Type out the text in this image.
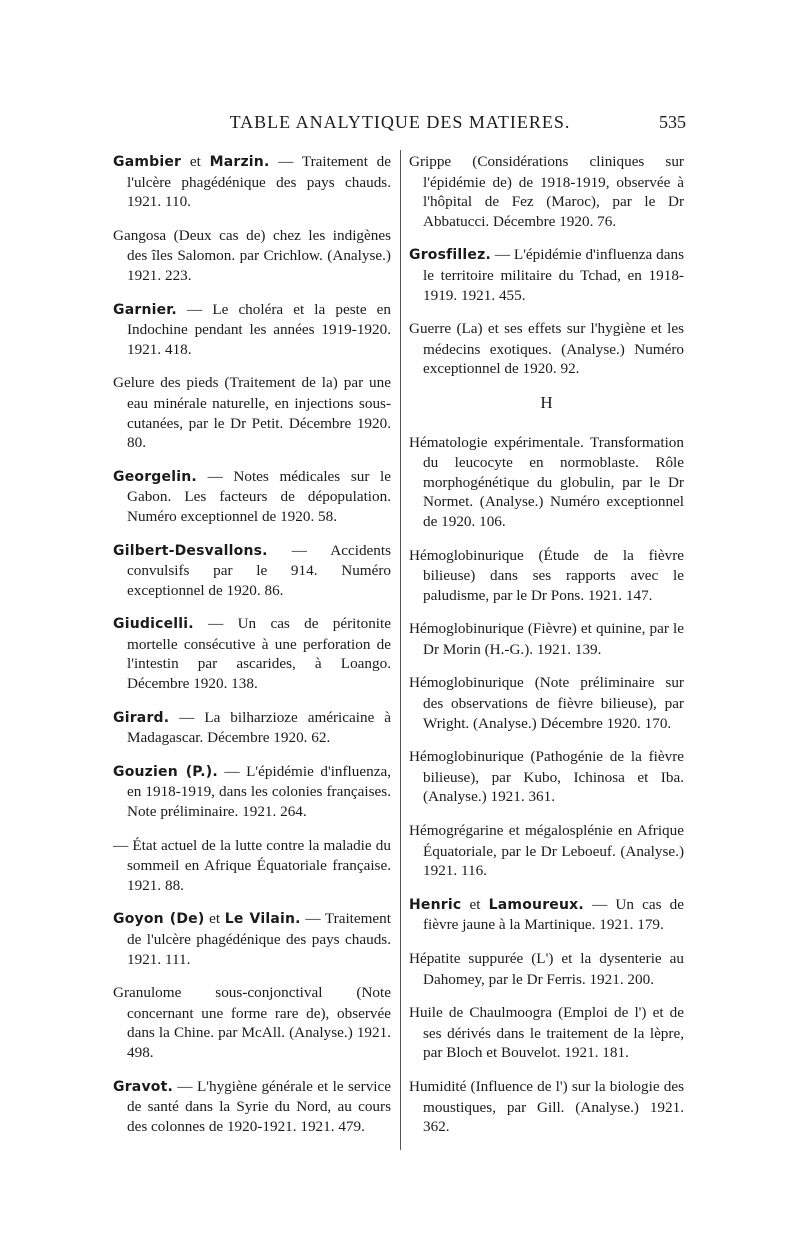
TABLE ANALYTIQUE DES MATIERES.	535

Gambier et Marzin. — Traitement de l'ulcère phagédénique des pays chauds. 1921. 110.

Gangosa (Deux cas de) chez les indigènes des îles Salomon. par Crichlow. (Analyse.) 1921. 223.

Garnier. — Le choléra et la peste en Indochine pendant les années 1919-1920. 1921. 418.

Gelure des pieds (Traitement de la) par une eau minérale naturelle, en injections sous-cutanées, par le Dr Petit. Décembre 1920. 80.

Georgelin. — Notes médicales sur le Gabon. Les facteurs de dépopulation. Numéro exceptionnel de 1920. 58.

Gilbert-Desvallons. — Accidents convulsifs par le 914. Numéro exceptionnel de 1920. 86.

Giudicelli. — Un cas de péritonite mortelle consécutive à une perforation de l'intestin par ascarides, à Loango. Décembre 1920. 138.

Girard. — La bilharzioze américaine à Madagascar. Décembre 1920. 62.

Gouzien (P.). — L'épidémie d'influenza, en 1918-1919, dans les colonies françaises. Note préliminaire. 1921. 264.

— État actuel de la lutte contre la maladie du sommeil en Afrique Équatoriale française. 1921. 88.

Goyon (De) et Le Vilain. — Traitement de l'ulcère phagédénique des pays chauds. 1921. 111.

Granulome sous-conjonctival (Note concernant une forme rare de), observée dans la Chine. par McAll. (Analyse.) 1921. 498.

Gravot. — L'hygiène générale et le service de santé dans la Syrie du Nord, au cours des colonnes de 1920-1921. 1921. 479.

Grippe (Considérations cliniques sur l'épidémie de) de 1918-1919, observée à l'hôpital de Fez (Maroc), par le Dr Abbatucci. Décembre 1920. 76.

Grosfillez. — L'épidémie d'influenza dans le territoire militaire du Tchad, en 1918-1919. 1921. 455.

Guerre (La) et ses effets sur l'hygiène et les médecins exotiques. (Analyse.) Numéro exceptionnel de 1920. 92.

H

Hématologie expérimentale. Transformation du leucocyte en normoblaste. Rôle morphogénétique du globulin, par le Dr Normet. (Analyse.) Numéro exceptionnel de 1920. 106.

Hémoglobinurique (Étude de la fièvre bilieuse) dans ses rapports avec le paludisme, par le Dr Pons. 1921. 147.

Hémoglobinurique (Fièvre) et quinine, par le Dr Morin (H.-G.). 1921. 139.

Hémoglobinurique (Note préliminaire sur des observations de fièvre bilieuse), par Wright. (Analyse.) Décembre 1920. 170.

Hémoglobinurique (Pathogénie de la fièvre bilieuse), par Kubo, Ichinosa et Iba. (Analyse.) 1921. 361.

Hémogrégarine et mégalosplénie en Afrique Équatoriale, par le Dr Leboeuf. (Analyse.) 1921. 116.

Henric et Lamoureux. — Un cas de fièvre jaune à la Martinique. 1921. 179.

Hépatite suppurée (L') et la dysenterie au Dahomey, par le Dr Ferris. 1921. 200.

Huile de Chaulmoogra (Emploi de l') et de ses dérivés dans le traitement de la lèpre, par Bloch et Bouvelot. 1921. 181.

Humidité (Influence de l') sur la biologie des moustiques, par Gill. (Analyse.) 1921. 362.
